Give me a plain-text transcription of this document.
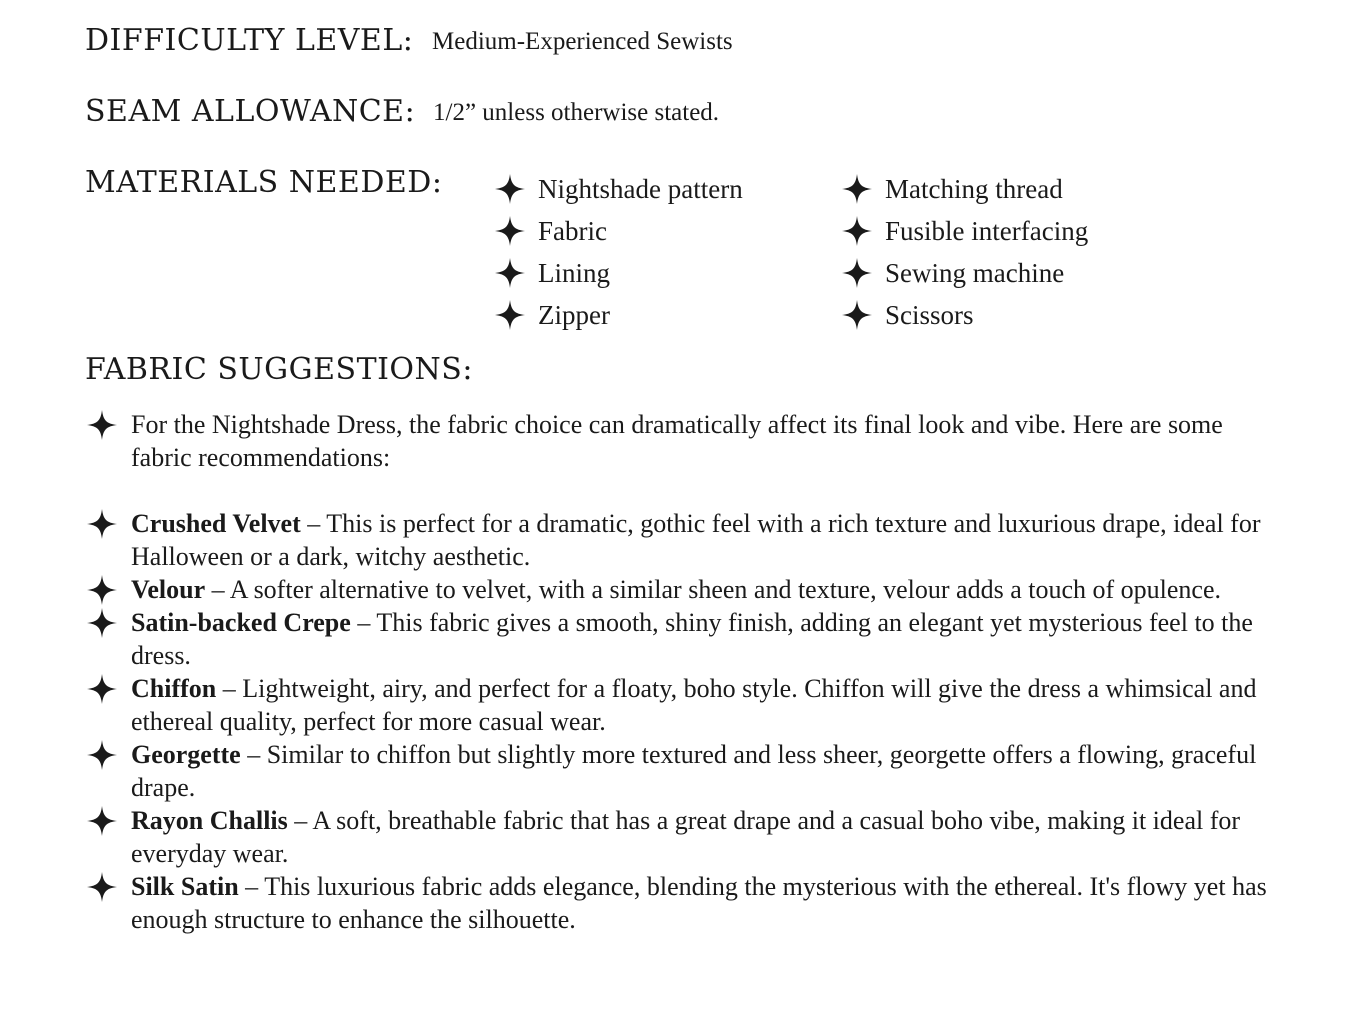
DIFFICULTY LEVEL: Medium-Experienced Sewists
SEAM ALLOWANCE: 1/2” unless otherwise stated.
MATERIALS NEEDED:	Nightshade pattern
Fabric
Lining
Zipper
Matching thread
Fusible interfacing
Sewing machine
Scissors
FABRIC SUGGESTIONS:
For the Nightshade Dress, the fabric choice can dramatically affect its final look and vibe. Here are some fabric recommendations:
Crushed Velvet – This is perfect for a dramatic, gothic feel with a rich texture and luxurious drape, ideal for Halloween or a dark, witchy aesthetic.
Velour – A softer alternative to velvet, with a similar sheen and texture, velour adds a touch of opulence.
Satin-backed Crepe – This fabric gives a smooth, shiny finish, adding an elegant yet mysterious feel to the dress.
Chiffon – Lightweight, airy, and perfect for a floaty, boho style. Chiffon will give the dress a whimsical and ethereal quality, perfect for more casual wear.
Georgette – Similar to chiffon but slightly more textured and less sheer, georgette offers a flowing, graceful drape.
Rayon Challis – A soft, breathable fabric that has a great drape and a casual boho vibe, making it ideal for everyday wear.
Silk Satin – This luxurious fabric adds elegance, blending the mysterious with the ethereal. It's flowy yet has enough structure to enhance the silhouette.
